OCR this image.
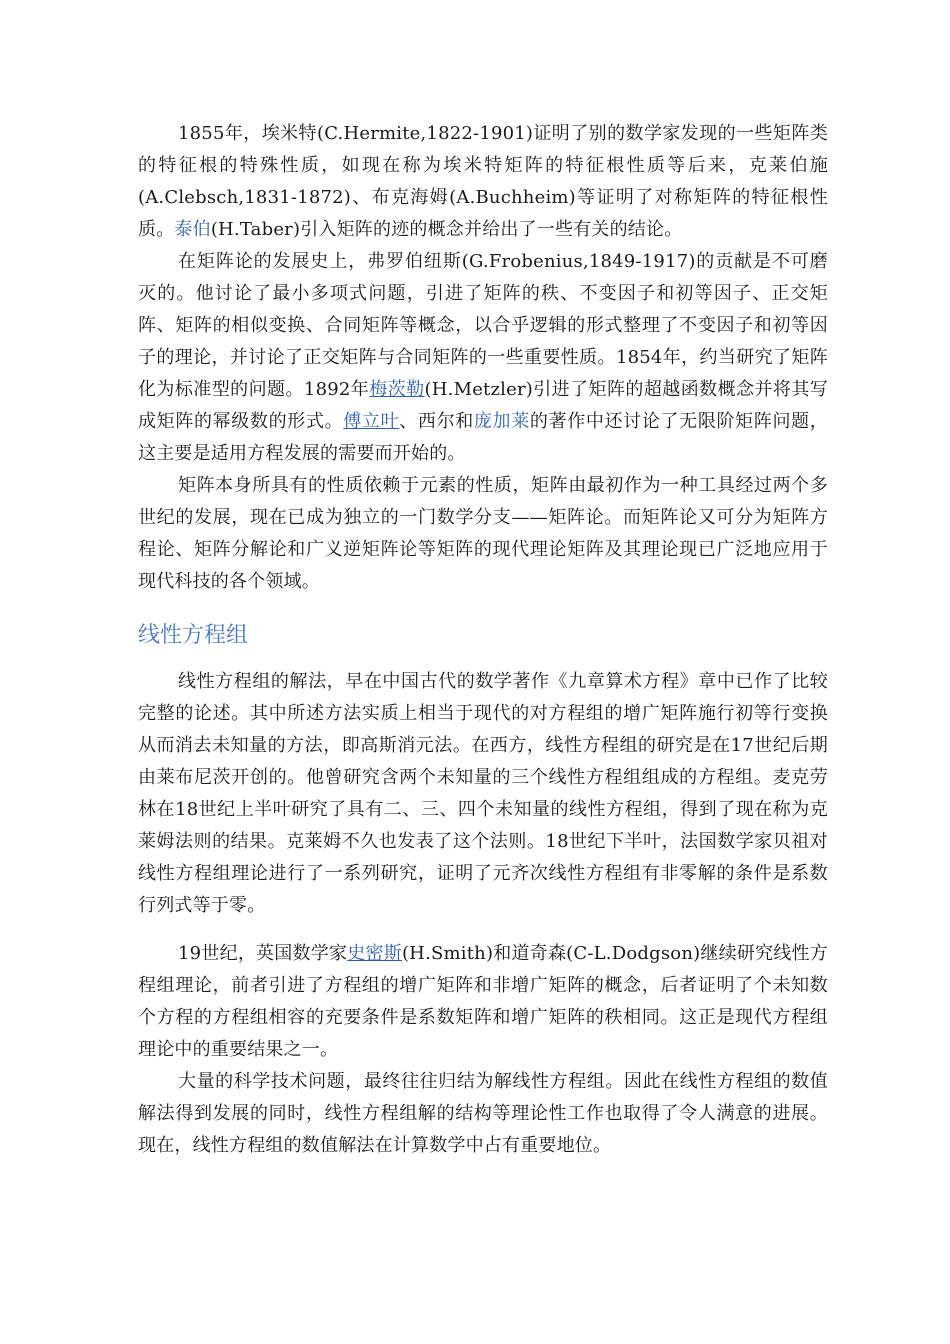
1855年，埃米特(C.Hermite,1822-1901)证明了别的数学家发现的一些矩阵类的特征根的特殊性质，如现在称为埃米特矩阵的特征根性质等后来，克莱伯施(A.Clebsch,1831-1872)、布克海姆(A.Buchheim)等证明了对称矩阵的特征根性质。泰伯(H.Taber)引入矩阵的迹的概念并给出了一些有关的结论。

在矩阵论的发展史上，弗罗伯纽斯(G.Frobenius,1849-1917)的贡献是不可磨灭的。他讨论了最小多项式问题，引进了矩阵的秩、不变因子和初等因子、正交矩阵、矩阵的相似变换、合同矩阵等概念，以合乎逻辑的形式整理了不变因子和初等因子的理论，并讨论了正交矩阵与合同矩阵的一些重要性质。1854年，约当研究了矩阵化为标准型的问题。1892年梅茨勒(H.Metzler)引进了矩阵的超越函数概念并将其写成矩阵的幂级数的形式。傅立叶、西尔和庞加莱的著作中还讨论了无限阶矩阵问题，这主要是适用方程发展的需要而开始的。

矩阵本身所具有的性质依赖于元素的性质，矩阵由最初作为一种工具经过两个多世纪的发展，现在已成为独立的一门数学分支——矩阵论。而矩阵论又可分为矩阵方程论、矩阵分解论和广义逆矩阵论等矩阵的现代理论矩阵及其理论现已广泛地应用于现代科技的各个领域。

线性方程组

线性方程组的解法，早在中国古代的数学著作《九章算术方程》章中已作了比较完整的论述。其中所述方法实质上相当于现代的对方程组的增广矩阵施行初等行变换从而消去未知量的方法，即高斯消元法。在西方，线性方程组的研究是在17世纪后期由莱布尼茨开创的。他曾研究含两个未知量的三个线性方程组组成的方程组。麦克劳林在18世纪上半叶研究了具有二、三、四个未知量的线性方程组，得到了现在称为克莱姆法则的结果。克莱姆不久也发表了这个法则。18世纪下半叶，法国数学家贝祖对线性方程组理论进行了一系列研究，证明了元齐次线性方程组有非零解的条件是系数行列式等于零。

19世纪，英国数学家史密斯(H.Smith)和道奇森(C-L.Dodgson)继续研究线性方程组理论，前者引进了方程组的增广矩阵和非增广矩阵的概念，后者证明了个未知数个方程的方程组相容的充要条件是系数矩阵和增广矩阵的秩相同。这正是现代方程组理论中的重要结果之一。

大量的科学技术问题，最终往往归结为解线性方程组。因此在线性方程组的数值解法得到发展的同时，线性方程组解的结构等理论性工作也取得了令人满意的进展。现在，线性方程组的数值解法在计算数学中占有重要地位。
